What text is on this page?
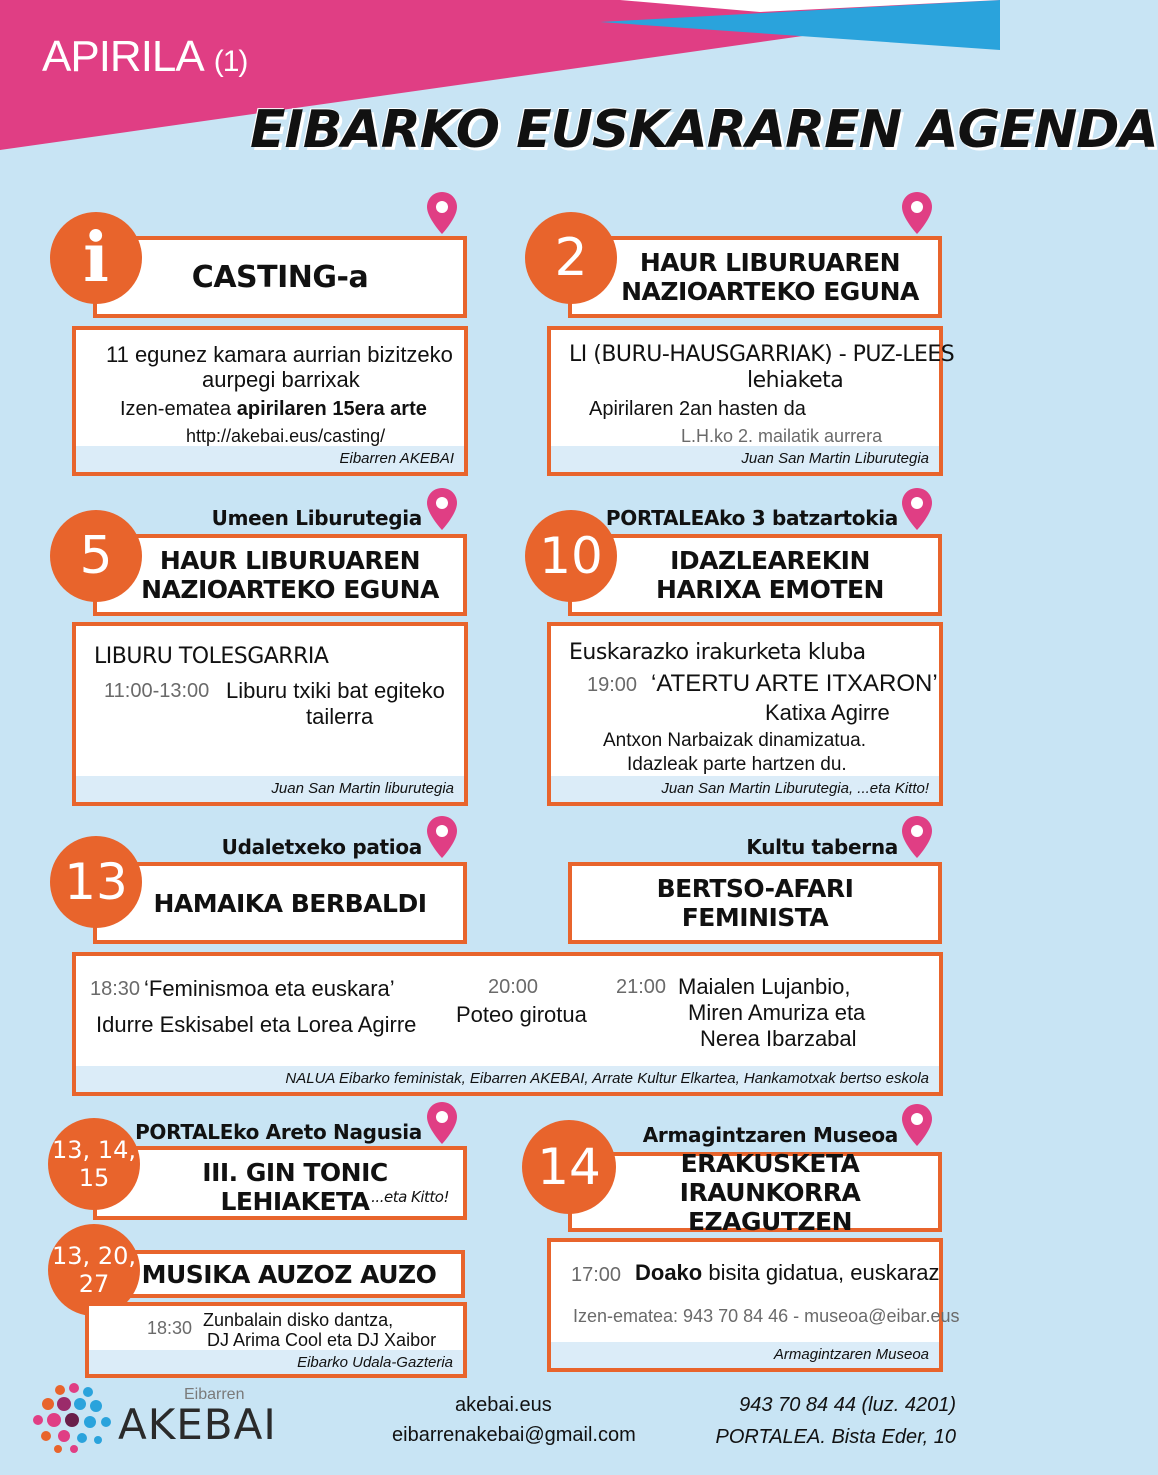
APIRILA (1)
EIBARKO EUSKARAREN AGENDA
CASTING-a
i
11 egunez kamara aurrian bizitzeko
aurpegi barrixak
Izen-ematea apirilaren 15era arte
http://akebai.eus/casting/
Eibarren AKEBAI
HAUR LIBURUAREN
NAZIOARTEKO EGUNA
2
LI (BURU-HAUSGARRIAK) - PUZ-LEES
lehiaketa
Apirilaren 2an hasten da
L.H.ko 2. mailatik aurrera
Juan San Martin Liburutegia
Umeen Liburutegia
HAUR LIBURUAREN
NAZIOARTEKO EGUNA
5
LIBURU TOLESGARRIA
11:00-13:00 Liburu txiki bat egiteko
tailerra
Juan San Martin liburutegia
PORTALEAko 3 batzartokia
IDAZLEAREKIN
HARIXA EMOTEN
10
Euskarazko irakurketa kluba
19:00 ‘ATERTU ARTE ITXARON’
Katixa Agirre
Antxon Narbaizak dinamizatua.
Idazleak parte hartzen du.
Juan San Martin Liburutegia, ...eta Kitto!
Udaletxeko patioa
HAMAIKA BERBALDI
13
Kultu taberna
BERTSO-AFARI
FEMINISTA
18:30 ‘Feminismoa eta euskara’
Idurre Eskisabel eta Lorea Agirre
20:00
Poteo girotua
21:00 Maialen Lujanbio,
Miren Amuriza eta
Nerea Ibarzabal
NALUA Eibarko feministak, Eibarren AKEBAI, Arrate Kultur Elkartea, Hankamotxak bertso eskola
PORTALEko Areto Nagusia
III. GIN TONIC LEHIAKETA ...eta Kitto!
13, 14,
15
MUSIKA AUZOZ AUZO
13, 20,
27
18:30 Zunbalain disko dantza,
DJ Arima Cool eta DJ Xaibor
Eibarko Udala-Gazteria
Armagintzaren Museoa
ERAKUSKETA
IRAUNKORRA EZAGUTZEN
14
17:00 Doako bisita gidatua, euskaraz
Izen-ematea: 943 70 84 46 - museoa@eibar.eus
Armagintzaren Museoa
Eibarren
AKEBAI	akebai.eus
eibarrenakebai@gmail.com
943 70 84 44 (luz. 4201)
PORTALEA. Bista Eder, 10
